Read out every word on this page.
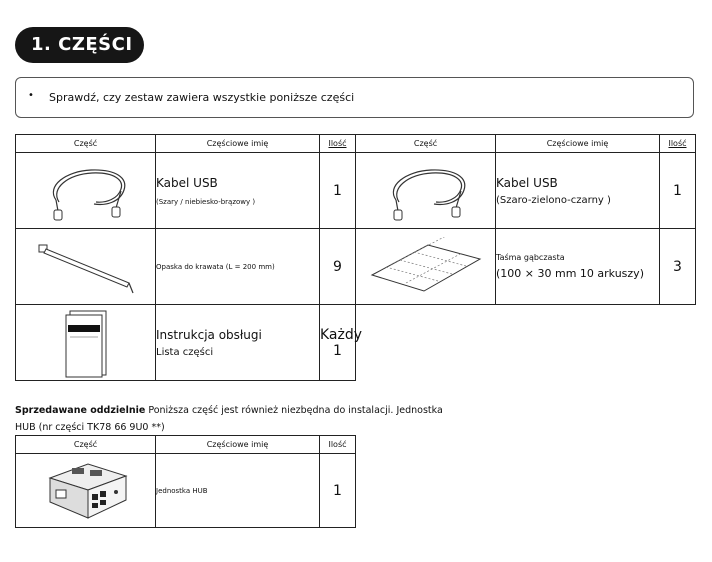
1. CZĘŚCI
• Sprawdź, czy zestaw zawiera wszystkie poniższe części
Część	Częściowe imię	Ilość

Kabel USB
(Szary / niebiesko-brązowy )	1

Opaska do krawata (L = 200 mm)	9

Instrukcja obsługi
Lista części	Każdy 1
Część	Częściowe imię	Ilość

Kabel USB
(Szaro-zielono-czarny )	1

Taśma gąbczasta
(100 × 30 mm 10 arkuszy)	3
Sprzedawane oddzielnie Poniższa część jest również niezbędna do instalacji. Jednostka HUB (nr części TK78 66 9U0 **)
Część	Częściowe imię	Ilość

Jednostka HUB	1
